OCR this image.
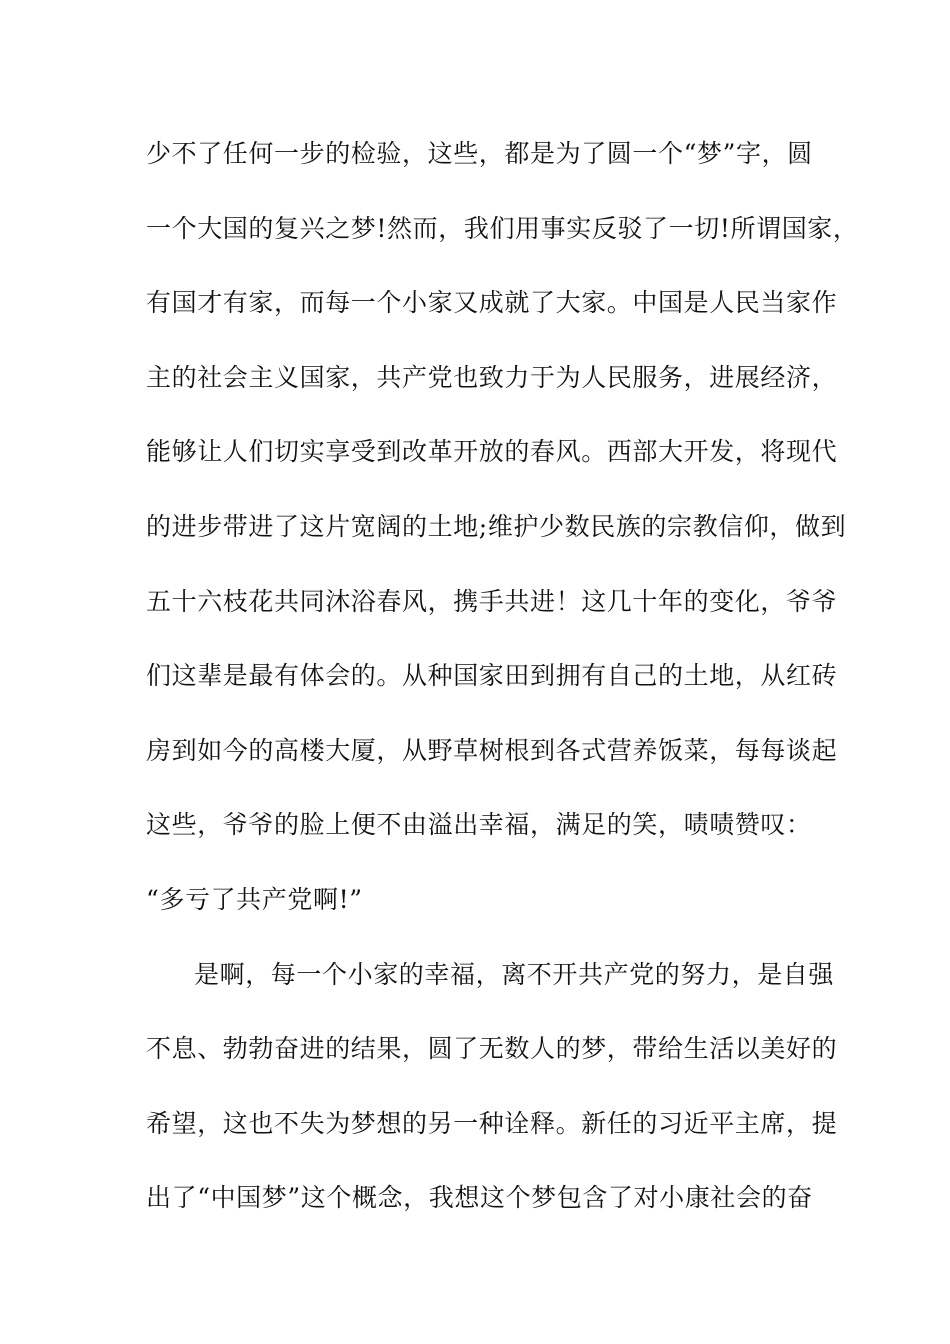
少不了任何一步的检验，这些，都是为了圆一个“梦”字，圆
一个大国的复兴之梦!然而，我们用事实反驳了一切!所谓国家，
有国才有家，而每一个小家又成就了大家。中国是人民当家作
主的社会主义国家，共产党也致力于为人民服务，进展经济，
能够让人们切实享受到改革开放的春风。西部大开发，将现代
的进步带进了这片宽阔的土地;维护少数民族的宗教信仰，做到
五十六枝花共同沐浴春风，携手共进！这几十年的变化，爷爷
们这辈是最有体会的。从种国家田到拥有自己的土地，从红砖
房到如今的高楼大厦，从野草树根到各式营养饭菜，每每谈起
这些，爷爷的脸上便不由溢出幸福，满足的笑，啧啧赞叹：
“多亏了共产党啊!”
是啊，每一个小家的幸福，离不开共产党的努力，是自强
不息、勃勃奋进的结果，圆了无数人的梦，带给生活以美好的
希望，这也不失为梦想的另一种诠释。新任的习近平主席，提
出了“中国梦”这个概念，我想这个梦包含了对小康社会的奋
